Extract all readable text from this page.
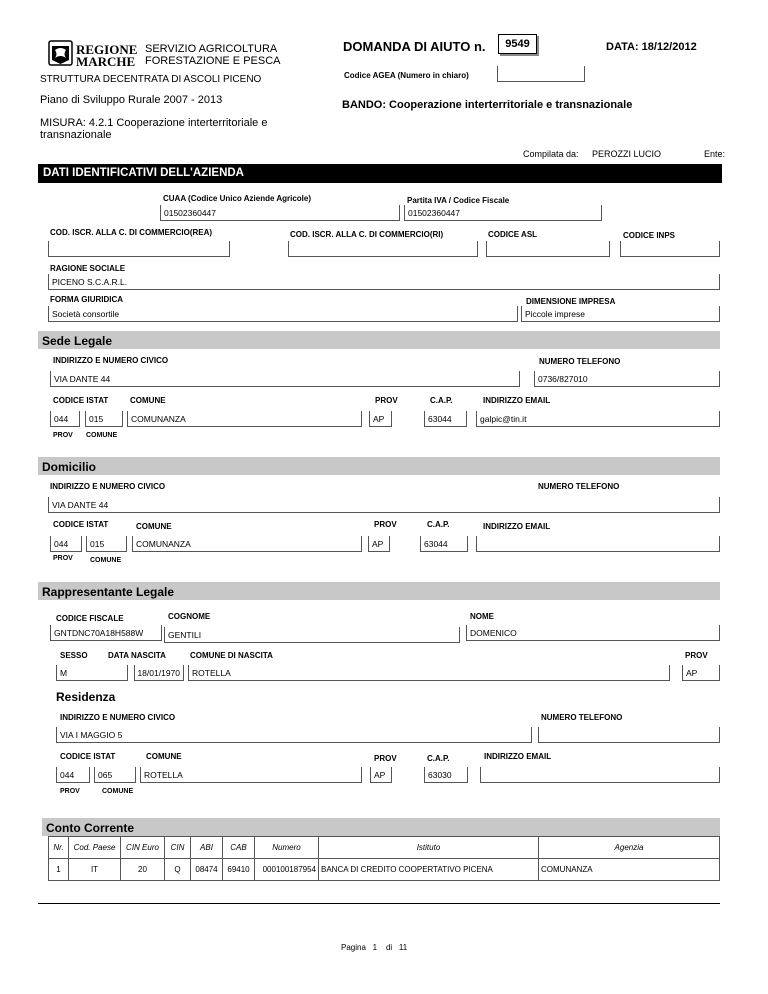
REGIONE
MARCHE
SERVIZIO AGRICOLTURA
FORESTAZIONE E PESCA
DOMANDA DI AIUTO n.	9549	DATA: 18/12/2012
STRUTTURA DECENTRATA DI ASCOLI PICENO	Codice AGEA (Numero in chiaro)
Piano di Sviluppo Rurale 2007 - 2013	BANDO: Cooperazione interterritoriale e transnazionale
MISURA: 4.2.1 Cooperazione interterritoriale e transnazionale
Compilata da: PEROZZI LUCIO	Ente:
DATI IDENTIFICATIVI DELL'AZIENDA
CUAA (Codice Unico Aziende Agricole)
01502360447
Partita IVA / Codice Fiscale
01502360447
COD. ISCR. ALLA C. DI COMMERCIO(REA)	COD. ISCR. ALLA C. DI COMMERCIO(RI)	CODICE ASL	CODICE INPS
RAGIONE SOCIALE
PICENO S.C.A.R.L.
FORMA GIURIDICA	DIMENSIONE IMPRESA
Società consortile	Piccole imprese
Sede Legale
INDIRIZZO E NUMERO CIVICO	NUMERO TELEFONO
VIA DANTE 44	0736/827010
CODICE ISTAT	COMUNE	PROV	C.A.P.	INDIRIZZO EMAIL
044	015	COMUNANZA	AP	63044	galpic@tin.it
PROV COMUNE
Domicilio
INDIRIZZO E NUMERO CIVICO	NUMERO TELEFONO
VIA DANTE 44
CODICE ISTAT	COMUNE	PROV	C.A.P.	INDIRIZZO EMAIL
044	015	COMUNANZA	AP	63044
PROV COMUNE
Rappresentante Legale
CODICE FISCALE	COGNOME	NOME
GNTDNC70A18H588W	GENTILI	DOMENICO
SESSO	DATA NASCITA	COMUNE DI NASCITA	PROV
M	18/01/1970	ROTELLA	AP
Residenza
INDIRIZZO E NUMERO CIVICO	NUMERO TELEFONO
VIA I MAGGIO 5
CODICE ISTAT	COMUNE	PROV	C.A.P.	INDIRIZZO EMAIL
044	065	ROTELLA	AP	63030
PROV	COMUNE
Conto Corrente
Nr.	Cod. Paese	CIN Euro	CIN	ABI	CAB	Numero	Istituto	Agenzia
1	IT	20	Q	08474	69410	000100187954	BANCA DI CREDITO COOPERTATIVO PICENA	COMUNANZA
Pagina 1 di 11
